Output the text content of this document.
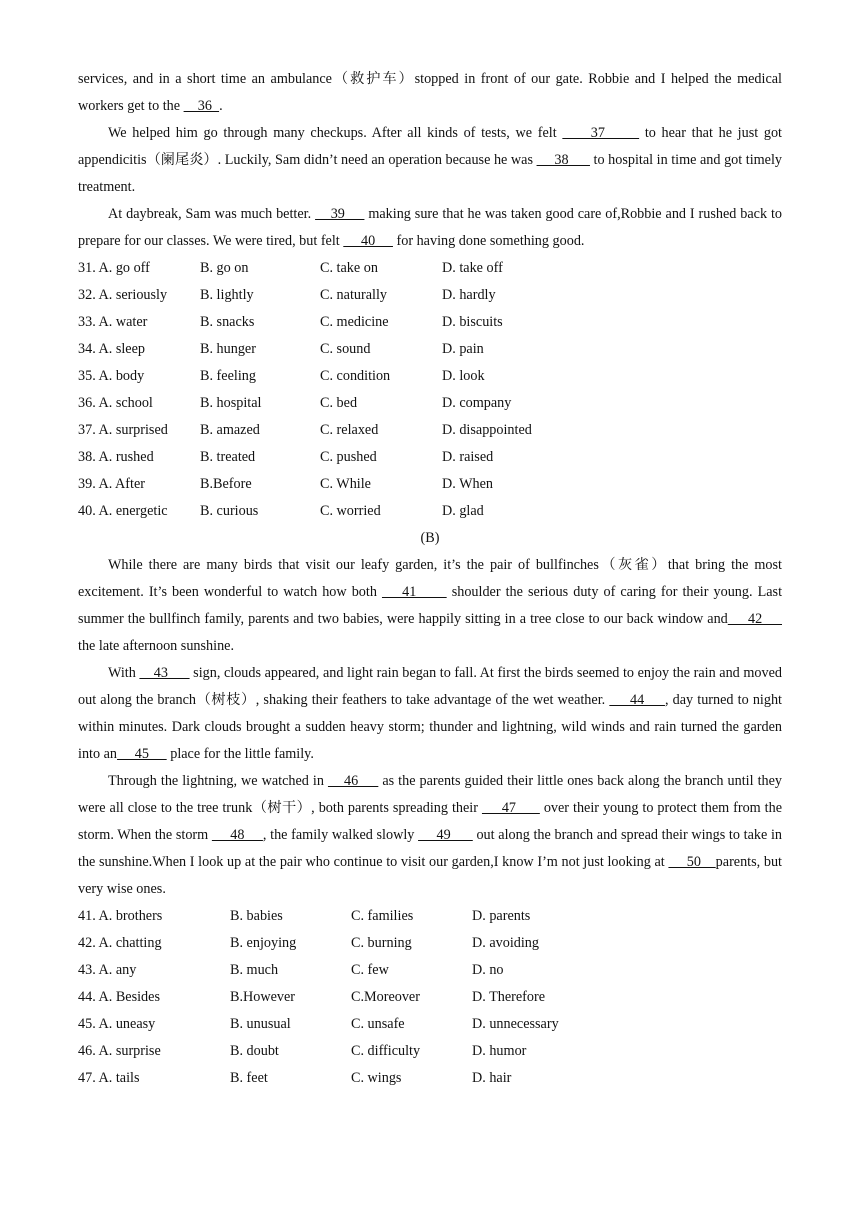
services, and in a short time an ambulance（救护车）stopped in front of our gate. Robbie and I helped the medical workers get to the     36  .

We helped him go through many checkups. After all kinds of tests, we felt      37       to hear that he just got appendicitis（阑尾炎）. Luckily, Sam didn’t need an operation because he was      38       to hospital in time and got timely treatment.

At daybreak, Sam was much better.     39      making sure that he was taken good care of,Robbie and I rushed back to prepare for our classes. We were tired, but felt      40      for having done something good.

31. A. go off	B. go on	C. take on	D. take off
32. A. seriously B. lightly	C. naturally	D. hardly
33. A. water	B. snacks	C. medicine	D. biscuits
34. A. sleep	B. hunger	C. sound	D. pain
35. A. body	B. feeling	C. condition	D. look
36. A. school	B. hospital	C. bed	D. company
37. A. surprised B. amazed	C. relaxed	D. disappointed
38. A. rushed	B. treated	C. pushed	D. raised
39. A. After	B.Before	C. While	D. When
40. A. energetic B. curious	C. worried	D. glad
(B)

While there are many birds that visit our leafy garden, it’s the pair of bullfinches（灰雀）that bring the most excitement. It’s been wonderful to watch how both     41       shoulder the serious duty of caring for their young. Last summer the bullfinch family, parents and two babies, were happily sitting in a tree close to our back window and     42      the late afternoon sunshine.

With     43       sign, clouds appeared, and light rain began to fall. At first the birds seemed to enjoy the rain and moved out along the branch（树枝）, shaking their feathers to take advantage of the wet weather.      44     , day turned to night within minutes. Dark clouds brought a sudden heavy storm; thunder and lightning, wild winds and rain turned the garden into an     45      place for the little family.

Through the lightning, we watched in     46      as the parents guided their little ones back along the branch until they were all close to the tree trunk（树干）, both parents spreading their      47       over their young to protect them from the storm. When the storm      48     , the family walked slowly      49       out along the branch and spread their wings to take in the sunshine.When I look up at the pair who continue to visit our garden,I know I’m not just looking at      50    parents, but very wise ones.

41. A. brothers	B. babies	C. families	D. parents
42. A. chatting	B. enjoying	C. burning	D. avoiding
43. A. any	B. much	C. few	D. no
44. A. Besides	B.However	C.Moreover	D. Therefore
45. A. uneasy	B. unusual	C. unsafe	D. unnecessary
46. A. surprise	B. doubt	C. difficulty	D. humor
47. A. tails	B. feet	C. wings	D. hair
